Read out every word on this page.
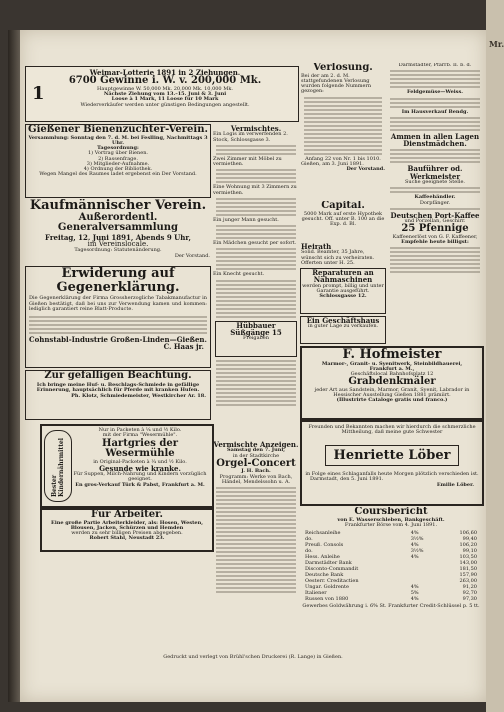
1
Weimar-Lotterie 1891 in 2 Ziehungen.
6700 Gewinne i. W. v. 200,000 Mk.
Hauptgewinne W. 50,000 Mk. 20,000 Mk. 10,000 Mk.
Nächste Ziehung vom 13.–15. Juni & 3. Juni
Loose à 1 Mark, 11 Loose für 10 Mark
Wiederverkäufer werden unter günstigen Bedingungen angestellt.
Gießener Bienenzüchter-Verein.
Versammlung: Sonntag den 7. d. M. bei Feslling, Nachmittags 3 Uhr.
Tagesordnung:
1) Vortrag über Bienen.
2) Rassenfrage.
3) Mitglieder-Aufnahme.
4) Ordnung der Bibliothek.
Wegen Mangel des Raumes ladet ergebenst ein Der Vorstand.
Kaufmännischer Verein.
Außerordentl. Generalversammlung
Freitag, 12. Juni 1891, Abends 9 Uhr,
im Vereinslocale.
Tagesordnung: Statutenänderung.
Der Vorstand.
Erwiderung auf Gegenerklärung.
Die Gegenerklärung der Firma Grossherzogliche Tabakmanufactur in Gießen bestätigt, daß bei uns zur Verwendung kamen und kommen: lediglich garantiert reine Blatt-Producte.
Cohnstabl-Industrie Großen-Linden—Gießen.
C. Haas jr.
Zur gefälligen Beachtung.
Ich bringe meine Huf- u. Beschlags-Schmiede in gefällige Erinnerung, hauptsächlich für Pferde mit kranken Hufen.
Ph. Klotz, Schmiedemeister, Westkircher Ar. 18.
Bester Kindernährmittel
Nur in Packeten à ¼ und ½ Kilo.
mit der Firma "Wesermühle".
Hartgries der Wesermühle
in Original-Packeten à ¼ und ½ Kilo.
Gesunde wie kranke.
Für Suppen, Milch-Nahrung und Kindern vorzüglich geeignet.
En gros-Verkauf Türk & Pabst, Frankfurt a. M.
Für Arbeiter.
Eine große Partie Arbeiterkleider, als: Hosen, Westen, Blousen, Jacken, Schürzen und Hemden
werden zu sehr billigen Preisen abgegeben.
Robert Stahl, Neustadt 23.
Vermischtes.
Ein Logis im verwerfenden 2. Stock, Schlossgasse 3.
Zwei Zimmer mit Möbel zu vermiethen.
Eine Wohnung mit 3 Zimmern zu vermiethen.
Ein junger Mann gesucht.
Ein Mädchen gesucht per sofort.
Ein Knecht gesucht.
Hübbauer
Süßgänge 15
Freigaben
Vermischte Anzeigen.
Samstag den 7. Juni,
in der Stadtkirche
Orgel-Concert
J. H. Bach.
Programm: Werke von Bach, Händel, Mendelssohn u. A.
Verlosung.
Bei der am 2. d. M. stattgefundenen Verlosung wurden folgende Nummern gezogen:
Anfang 22 von Nr. 1 bis 1010.
Gießen, am 3. Juni 1891.
Der Vorstand.
Capital.
5000 Mark auf erste Hypothek gesucht. Off. unter B. 100 an die Exp. d. Bl.
Heirath
Solid. Beamter, 35 Jahre, wünscht sich zu verheiraten. Offerten unter H. 25.
Reparaturen an Nähmaschinen
werden prompt, billig und unter Garantie ausgeführt.
Schlossgasse 12.
Ein Geschäftshaus
in guter Lage zu verkaufen.
F. Hofmeister
Marmor-, Granit- u. Syenitwerk, Steinbildhauerei,
Frankfurt a. M.,
Geschäftslocal Bahnhofsplatz 12
Grabdenkmäler
jeder Art aus Sandstein, Marmor, Granit, Syenit, Labrador in Hessischer Ausstellung Gießen 1881 prämiirt.
(Illustrirte Cataloge gratis und franco.)
Freunden und Bekannten machen wir hierdurch die schmerzliche Mittheilung, daß meine gute Schwester
Henriette Löber
in Folge eines Schlaganfalls heute Morgen plötzlich verschieden ist.
Darmstadt, den 5. Juni 1891.
Emilie Löber.
Coursbericht
von E. Wasserschleben, Bankgeschäft.
Frankfurter Börse vom 4. Juni 1891.
Reichsanleihe	4%	106,60
do.	3½%	99,40
Preuß. Consols	4%	106,20
do.	3½%	99,10
Hess. Anleihe	4%	103,50
Darmstädter Bank		143,00
Disconto-Commandit		181,50
Deutsche Bank		157,90
Oesterr. Creditactien		263,00
Ungar. Goldrente	4%	91,20
Italiener	5%	92,70
Russen von 1880	4%	97,30
Gewerbes Goldwährung i. 6% St. Frankfurter Credit-Schlüssel p. 5 tt.
Darmstädter, Pfarrb. II. b. d.
Feldgemüse—Weiss.
Im Hausverkauf Bendg.
Ammen in allen Lagen
Dienstmädchen.
Bauführer od. Werkmeister
Suche geeignete Stelle.
Kaffeehändler.
Dorpfänger.
Deutschen Port-Kaffee
und Porzellan, Geschirr.
25 Pfennige
Kaffeenerlöst von G. F. Kaffeener,
Empfehle heute billigst:
Mr.
Gedruckt und verlegt von Brühl'schen Druckerei (R. Lange) in Gießen.
